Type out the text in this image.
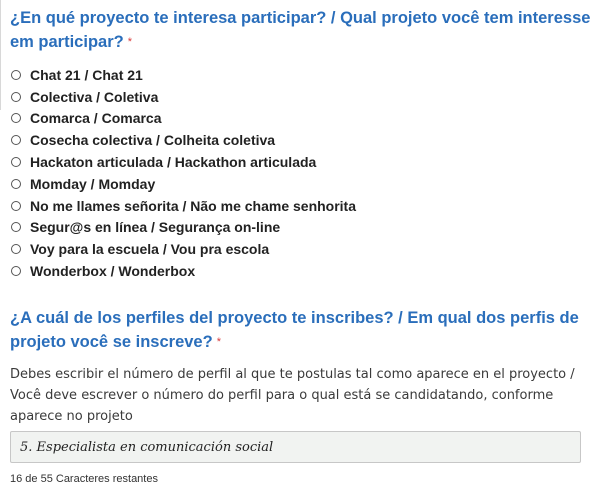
¿En qué proyecto te interesa participar? / Qual projeto você tem interesse em participar? *
Chat 21 / Chat 21
Colectiva / Coletiva
Comarca / Comarca
Cosecha colectiva / Colheita coletiva
Hackaton articulada / Hackathon articulada
Momday / Momday
No me llames señorita / Não me chame senhorita
Segur@s en línea / Segurança on-line
Voy para la escuela / Vou pra escola
Wonderbox / Wonderbox
¿A cuál de los perfiles del proyecto te inscribes? / Em qual dos perfis de projeto você se inscreve? *

Debes escribir el número de perfil al que te postulas tal como aparece en el proyecto / Você deve escrever o número do perfil para o qual está se candidatando, conforme aparece no projeto

5. Especialista en comunicación social
16 de 55 Caracteres restantes
